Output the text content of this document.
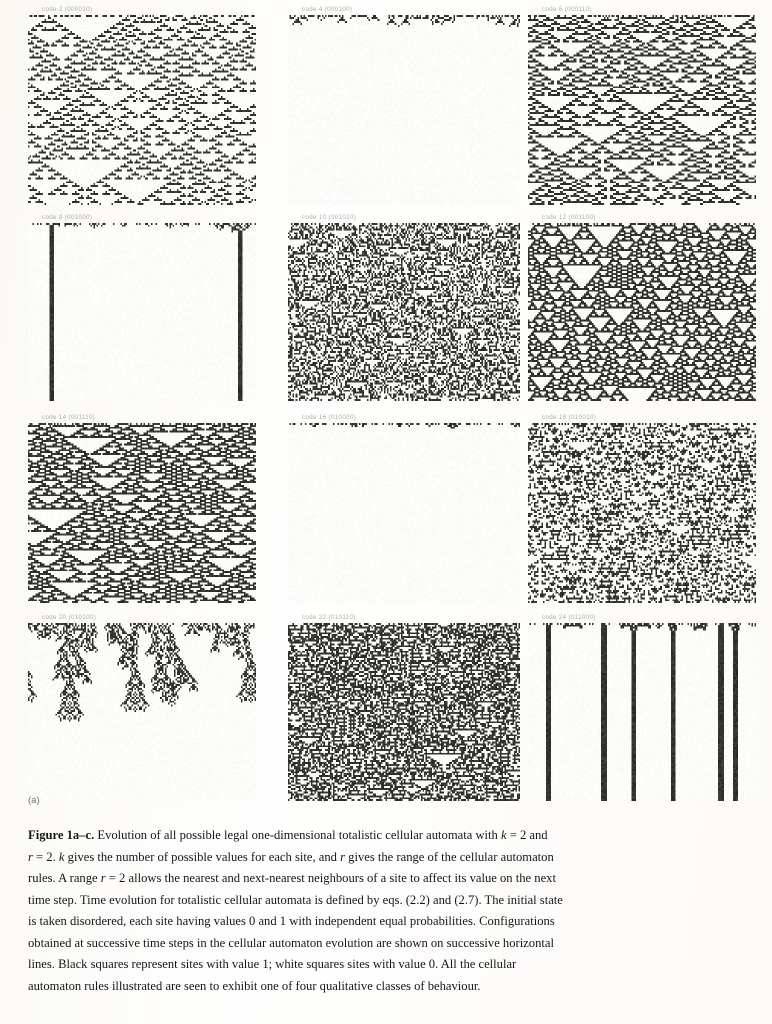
code 2 (000010)	code 4 (000100)	code 6 (000110)
code 8 (001000)	code 10 (001010)	code 12 (001100)
code 14 (001110)	code 16 (010000)	code 18 (010010)
code 20 (010100)	code 22 (010110)	code 24 (011000)
(a)
Figure 1a–c. Evolution of all possible legal one-dimensional totalistic cellular automata with k = 2 and
r = 2. k gives the number of possible values for each site, and r gives the range of the cellular automaton
rules. A range r = 2 allows the nearest and next-nearest neighbours of a site to affect its value on the next
time step. Time evolution for totalistic cellular automata is defined by eqs. (2.2) and (2.7). The initial state
is taken disordered, each site having values 0 and 1 with independent equal probabilities. Configurations
obtained at successive time steps in the cellular automaton evolution are shown on successive horizontal
lines. Black squares represent sites with value 1; white squares sites with value 0. All the cellular
automaton rules illustrated are seen to exhibit one of four qualitative classes of behaviour.
